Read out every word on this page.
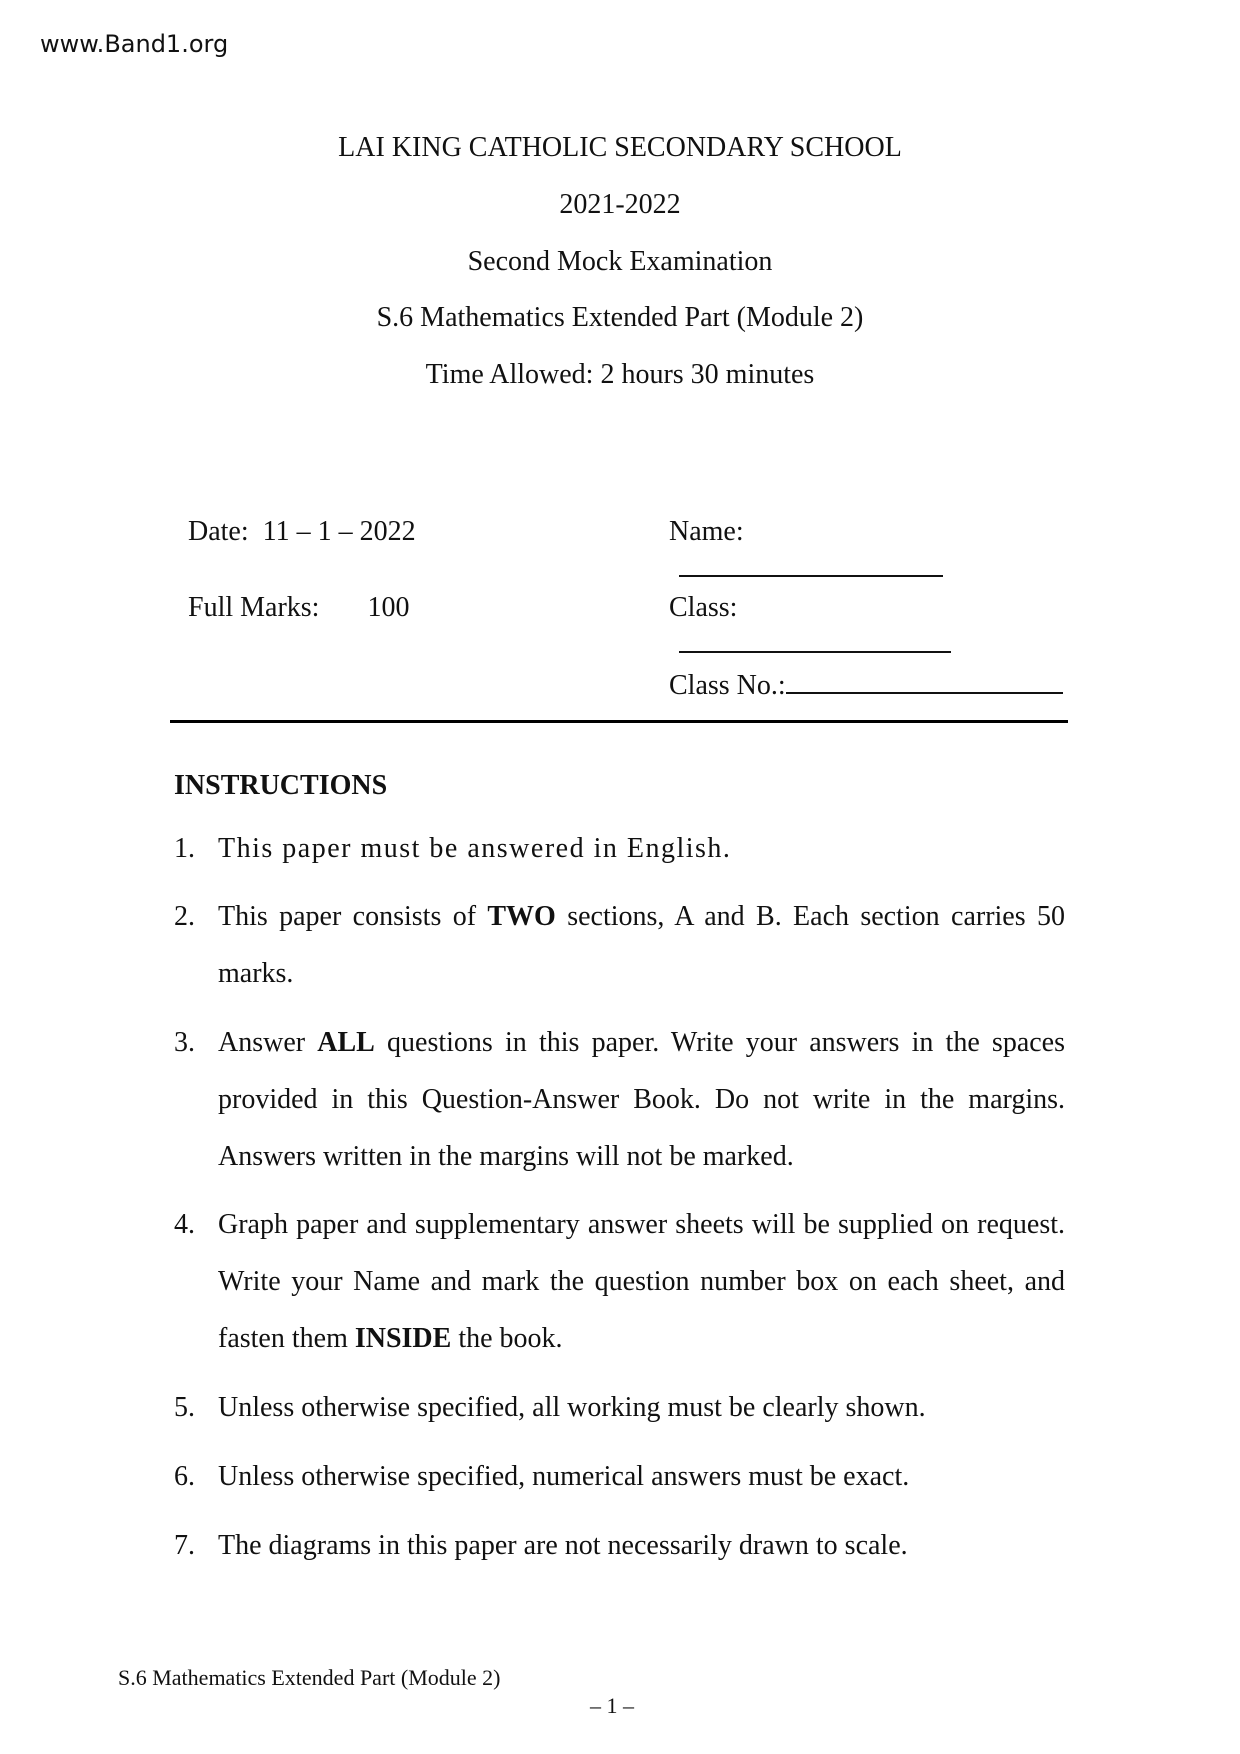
www.Band1.org
LAI KING CATHOLIC SECONDARY SCHOOL
2021-2022
Second Mock Examination
S.6 Mathematics Extended Part (Module 2)
Time Allowed: 2 hours 30 minutes

Date: 11 – 1 – 2022

Full Marks: 100

Name:

Class:

Class No.:

INSTRUCTIONS
1. This paper must be answered in English.
2. This paper consists of TWO sections, A and B. Each section carries 50 marks.
3. Answer ALL questions in this paper. Write your answers in the spaces provided in this Question-Answer Book. Do not write in the margins. Answers written in the margins will not be marked.
4. Graph paper and supplementary answer sheets will be supplied on request. Write your Name and mark the question number box on each sheet, and fasten them INSIDE the book.
5. Unless otherwise specified, all working must be clearly shown.
6. Unless otherwise specified, numerical answers must be exact.
7. The diagrams in this paper are not necessarily drawn to scale.
S.6 Mathematics Extended Part (Module 2)
– 1 –
